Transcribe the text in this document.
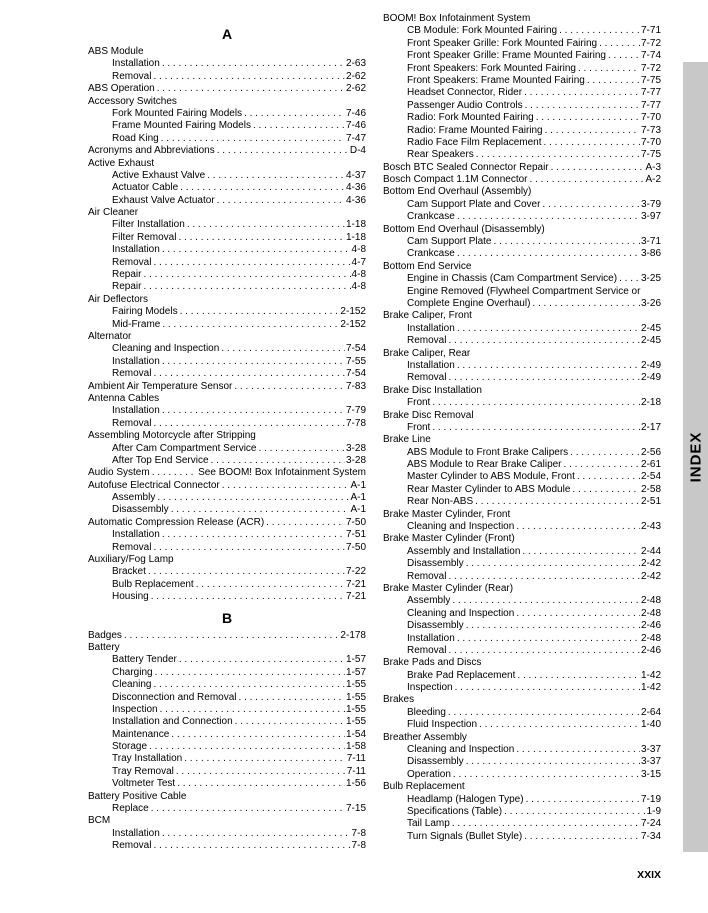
A
ABS Module
Installation . . .	2-63
Removal . . .	2-62
ABS Operation . . .	2-62
Accessory Switches
Fork Mounted Fairing Models . . .	7-46
Frame Mounted Fairing Models . . .	7-46
Road King . . .	7-47
Acronyms and Abbreviations . . .	D-4
Active Exhaust
Active Exhaust Valve . . .	4-37
Actuator Cable . . .	4-36
Exhaust Valve Actuator . . .	4-36
Air Cleaner
Filter Installation . . .	1-18
Filter Removal . . .	1-18
Installation . . .	4-8
Removal . . .	4-7
Repair . . .	4-8
Repair . . .	4-8
Air Deflectors
Fairing Models . . .	2-152
Mid-Frame . . .	2-152
Alternator
Cleaning and Inspection . . .	7-54
Installation . . .	7-55
Removal . . .	7-54
Ambient Air Temperature Sensor . . .	7-83
Antenna Cables
Installation . . .	7-79
Removal . . .	7-78
Assembling Motorcycle after Stripping
After Cam Compartment Service . . .	3-28
After Top End Service . . .	3-28
Audio System . . .	See BOOM! Box Infotainment System
Autofuse Electrical Connector . . .	A-1
Assembly . . .	A-1
Disassembly . . .	A-1
Automatic Compression Release (ACR) . . .	7-50
Installation . . .	7-51
Removal . . .	7-50
Auxiliary/Fog Lamp
Bracket . . .	7-22
Bulb Replacement . . .	7-21
Housing . . .	7-21
B
Badges . . .	2-178
Battery
Battery Tender . . .	1-57
Charging . . .	1-57
Cleaning . . .	1-55
Disconnection and Removal . . .	1-55
Inspection . . .	1-55
Installation and Connection . . .	1-55
Maintenance . . .	1-54
Storage . . .	1-58
Tray Installation . . .	7-11
Tray Removal . . .	7-11
Voltmeter Test . . .	1-56
Battery Positive Cable
Replace . . .	7-15
BCM
Installation . . .	7-8
Removal . . .	7-8
BOOM! Box Infotainment System
CB Module: Fork Mounted Fairing . . .	7-71
Front Speaker Grille: Fork Mounted Fairing . . .	7-72
Front Speaker Grille: Frame Mounted Fairing . . .	7-74
Front Speakers: Fork Mounted Fairing . . .	7-72
Front Speakers: Frame Mounted Fairing . . .	7-75
Headset Connector, Rider . . .	7-77
Passenger Audio Controls . . .	7-77
Radio: Fork Mounted Fairing . . .	7-70
Radio: Frame Mounted Fairing . . .	7-73
Radio Face Film Replacement . . .	7-70
Rear Speakers . . .	7-75
Bosch BTC Sealed Connector Repair . . .	A-3
Bosch Compact 1.1M Connector . . .	A-2
Bottom End Overhaul (Assembly)
Cam Support Plate and Cover . . .	3-79
Crankcase . . .	3-97
Bottom End Overhaul (Disassembly)
Cam Support Plate . . .	3-71
Crankcase . . .	3-86
Bottom End Service
Engine in Chassis (Cam Compartment Service) . . . 3-25
Engine Removed (Flywheel Compartment Service or
Complete Engine Overhaul) . . .	3-26
Brake Caliper, Front
Installation . . .	2-45
Removal . . .	2-45
Brake Caliper, Rear
Installation . . .	2-49
Removal . . .	2-49
Brake Disc Installation
Front . . .	2-18
Brake Disc Removal
Front . . .	2-17
Brake Line
ABS Module to Front Brake Calipers . . .	2-56
ABS Module to Rear Brake Caliper . . .	2-61
Master Cylinder to ABS Module, Front . . .	2-54
Rear Master Cylinder to ABS Module . . .	2-58
Rear Non-ABS . . .	2-51
Brake Master Cylinder, Front
Cleaning and Inspection . . .	2-43
Brake Master Cylinder (Front)
Assembly and Installation . . .	2-44
Disassembly . . .	2-42
Removal . . .	2-42
Brake Master Cylinder (Rear)
Assembly . . .	2-48
Cleaning and Inspection . . .	2-48
Disassembly . . .	2-46
Installation . . .	2-48
Removal . . .	2-46
Brake Pads and Discs
Brake Pad Replacement . . .	1-42
Inspection . . .	1-42
Brakes
Bleeding . . .	2-64
Fluid Inspection . . .	1-40
Breather Assembly
Cleaning and Inspection . . .	3-37
Disassembly . . .	3-37
Operation . . .	3-15
Bulb Replacement
Headlamp (Halogen Type) . . .	7-19
Specifications (Table) . . .	1-9
Tail Lamp . . .	7-24
Turn Signals (Bullet Style) . . .	7-34
INDEX
XXIX
